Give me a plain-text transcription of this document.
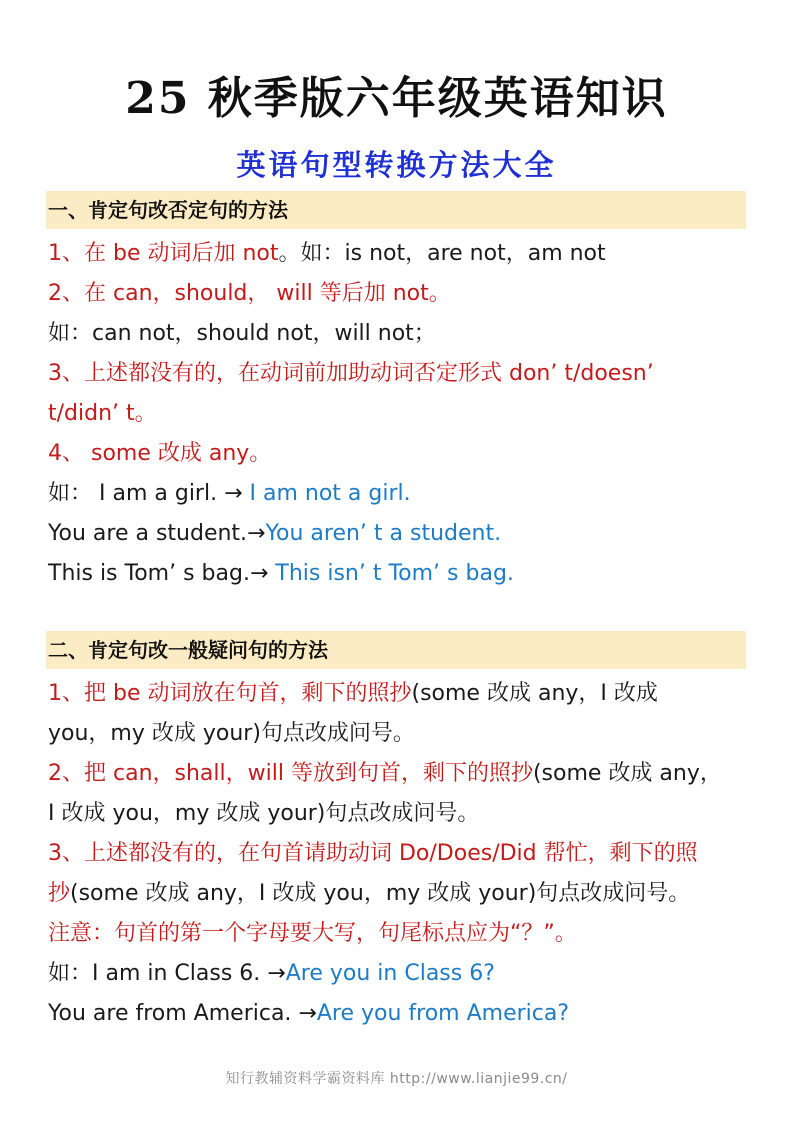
25 秋季版六年级英语知识
英语句型转换方法大全
一、肯定句改否定句的方法
1、在 be 动词后加 not。如：is not，are not，am not
2、在 can，should， will 等后加 not。
如：can not，should not，will not；
3、上述都没有的，在动词前加助动词否定形式 don’ t/doesn’
t/didn’ t。
4、 some 改成 any。
如： I am a girl. → I am not a girl.
You are a student.→You aren’ t a student.
This is Tom’ s bag.→ This isn’ t Tom’ s bag.
二、肯定句改一般疑问句的方法
1、把 be 动词放在句首，剩下的照抄(some 改成 any，I 改成
you，my 改成 your)句点改成问号。
2、把 can，shall，will 等放到句首，剩下的照抄(some 改成 any，
I 改成 you，my 改成 your)句点改成问号。
3、上述都没有的，在句首请助动词 Do/Does/Did 帮忙，剩下的照
抄(some 改成 any，I 改成 you，my 改成 your)句点改成问号。
注意：句首的第一个字母要大写，句尾标点应为“？”。
如：I am in Class 6. →Are you in Class 6?
You are from America. →Are you from America?
知行教辅资料学霸资料库 http://www.lianjie99.cn/
